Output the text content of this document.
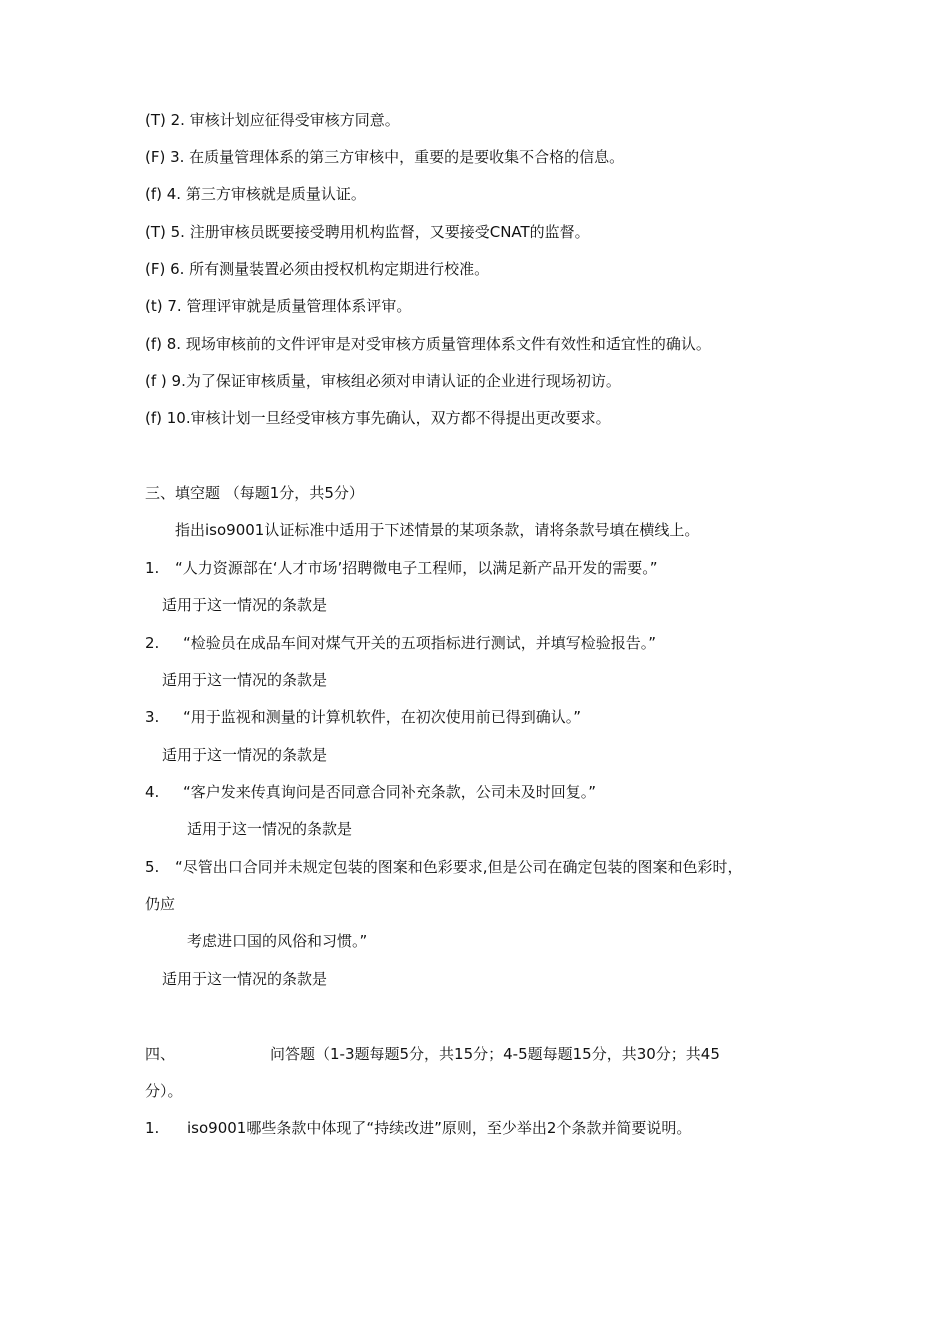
(T) 2. 审核计划应征得受审核方同意。
(F) 3. 在质量管理体系的第三方审核中，重要的是要收集不合格的信息。
(f) 4. 第三方审核就是质量认证。
(T) 5. 注册审核员既要接受聘用机构监督，又要接受CNAT的监督。
(F) 6. 所有测量装置必须由授权机构定期进行校准。
(t) 7. 管理评审就是质量管理体系评审。
(f) 8. 现场审核前的文件评审是对受审核方质量管理体系文件有效性和适宜性的确认。
(f ) 9.为了保证审核质量，审核组必须对申请认证的企业进行现场初访。
(f) 10.审核计划一旦经受审核方事先确认，双方都不得提出更改要求。
三、填空题 （每题1分，共5分）
指出iso9001认证标准中适用于下述情景的某项条款，请将条款号填在横线上。
1. “人力资源部在‘人才市场’招聘微电子工程师，以满足新产品开发的需要。”
适用于这一情况的条款是
2. “检验员在成品车间对煤气开关的五项指标进行测试，并填写检验报告。”
适用于这一情况的条款是
3. “用于监视和测量的计算机软件，在初次使用前已得到确认。”
适用于这一情况的条款是
4. “客户发来传真询问是否同意合同补充条款，公司未及时回复。”
适用于这一情况的条款是
5. “尽管出口合同并未规定包装的图案和色彩要求,但是公司在确定包装的图案和色彩时，
仍应
考虑进口国的风俗和习惯。”
适用于这一情况的条款是
四、	问答题（1-3题每题5分，共15分；4-5题每题15分，共30分；共45
分）。
1. iso9001哪些条款中体现了“持续改进”原则，至少举出2个条款并简要说明。
